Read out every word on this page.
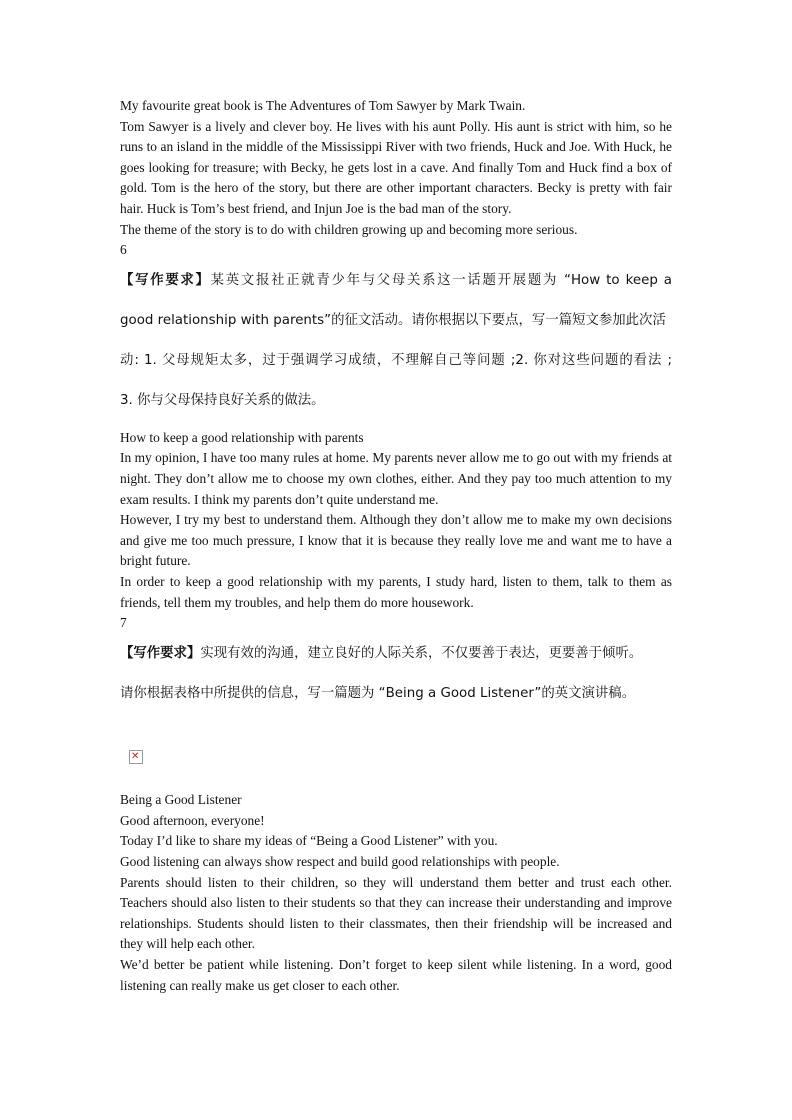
My favourite great book is The Adventures of Tom Sawyer by Mark Twain.

Tom Sawyer is a lively and clever boy. He lives with his aunt Polly. His aunt is strict with him, so he runs to an island in the middle of the Mississippi River with two friends, Huck and Joe. With Huck, he goes looking for treasure; with Becky, he gets lost in a cave. And finally Tom and Huck find a box of gold. Tom is the hero of the story, but there are other important characters. Becky is pretty with fair hair. Huck is Tom’s best friend, and Injun Joe is the bad man of the story.

The theme of the story is to do with children growing up and becoming more serious.

6

【写作要求】某英文报社正就青少年与父母关系这一话题开展题为 “How to keep a

good relationship with parents”的征文活动。请你根据以下要点，写一篇短文参加此次活

动: 1. 父母规矩太多，过于强调学习成绩，不理解自己等问题 ;2. 你对这些问题的看法 ;

3. 你与父母保持良好关系的做法。

How to keep a good relationship with parents

In my opinion, I have too many rules at home. My parents never allow me to go out with my friends at night. They don’t allow me to choose my own clothes, either. And they pay too much attention to my exam results. I think my parents don’t quite understand me.

However, I try my best to understand them. Although they don’t allow me to make my own decisions and give me too much pressure, I know that it is because they really love me and want me to have a bright future.

In order to keep a good relationship with my parents, I study hard, listen to them, talk to them as friends, tell them my troubles, and help them do more housework.

7

【写作要求】实现有效的沟通，建立良好的人际关系，不仅要善于表达，更要善于倾听。

请你根据表格中所提供的信息，写一篇题为 “Being a Good Listener”的英文演讲稿。

✕

Being a Good Listener

Good afternoon, everyone!

Today I’d like to share my ideas of “Being a Good Listener” with you.

Good listening can always show respect and build good relationships with people.

Parents should listen to their children, so they will understand them better and trust each other. Teachers should also listen to their students so that they can increase their understanding and improve relationships. Students should listen to their classmates, then their friendship will be increased and they will help each other.

We’d better be patient while listening. Don’t forget to keep silent while listening. In a word, good listening can really make us get closer to each other.
